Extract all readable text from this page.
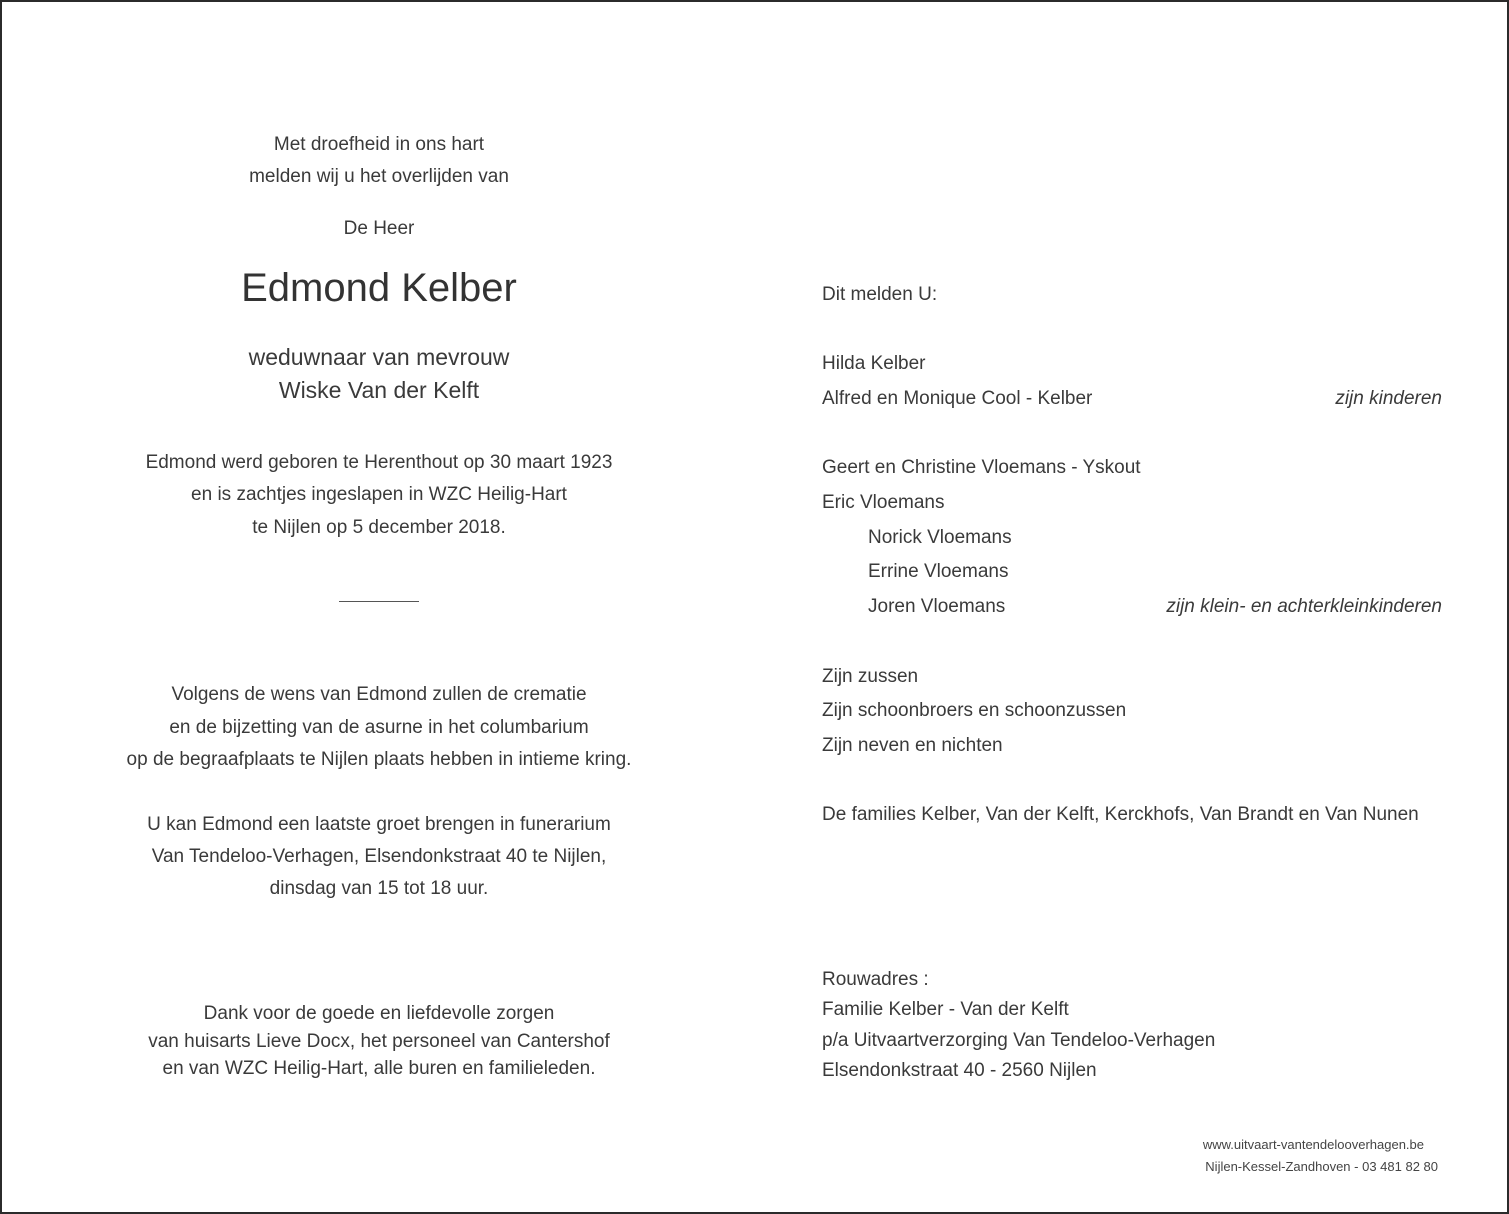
Met droefheid in ons hart
melden wij u het overlijden van
De Heer
Edmond Kelber
weduwnaar van mevrouw
Wiske Van der Kelft
Edmond werd geboren te Herenthout op 30 maart 1923
en is zachtjes ingeslapen in WZC Heilig-Hart
te Nijlen op 5 december 2018.
Volgens de wens van Edmond zullen de crematie
en de bijzetting van de asurne in het columbarium
op de begraafplaats te Nijlen plaats hebben in intieme kring.
U kan Edmond een laatste groet brengen in funerarium
Van Tendeloo-Verhagen, Elsendonkstraat 40 te Nijlen,
dinsdag van 15 tot 18 uur.
Dank voor de goede en liefdevolle zorgen
van huisarts Lieve Docx, het personeel van Cantershof
en van WZC Heilig-Hart, alle buren en familieleden.
Dit melden U:
Hilda Kelber
Alfred en Monique Cool - Kelber	zijn kinderen
Geert en Christine Vloemans - Yskout
Eric Vloemans
Norick Vloemans
Errine Vloemans
Joren Vloemans	zijn klein- en achterkleinkinderen
Zijn zussen
Zijn schoonbroers en schoonzussen
Zijn neven en nichten
De families Kelber, Van der Kelft, Kerckhofs, Van Brandt en Van Nunen
Rouwadres :
Familie Kelber - Van der Kelft
p/a Uitvaartverzorging Van Tendeloo-Verhagen
Elsendonkstraat 40 - 2560 Nijlen
www.uitvaart-vantendelooverhagen.be
Nijlen-Kessel-Zandhoven - 03 481 82 80
